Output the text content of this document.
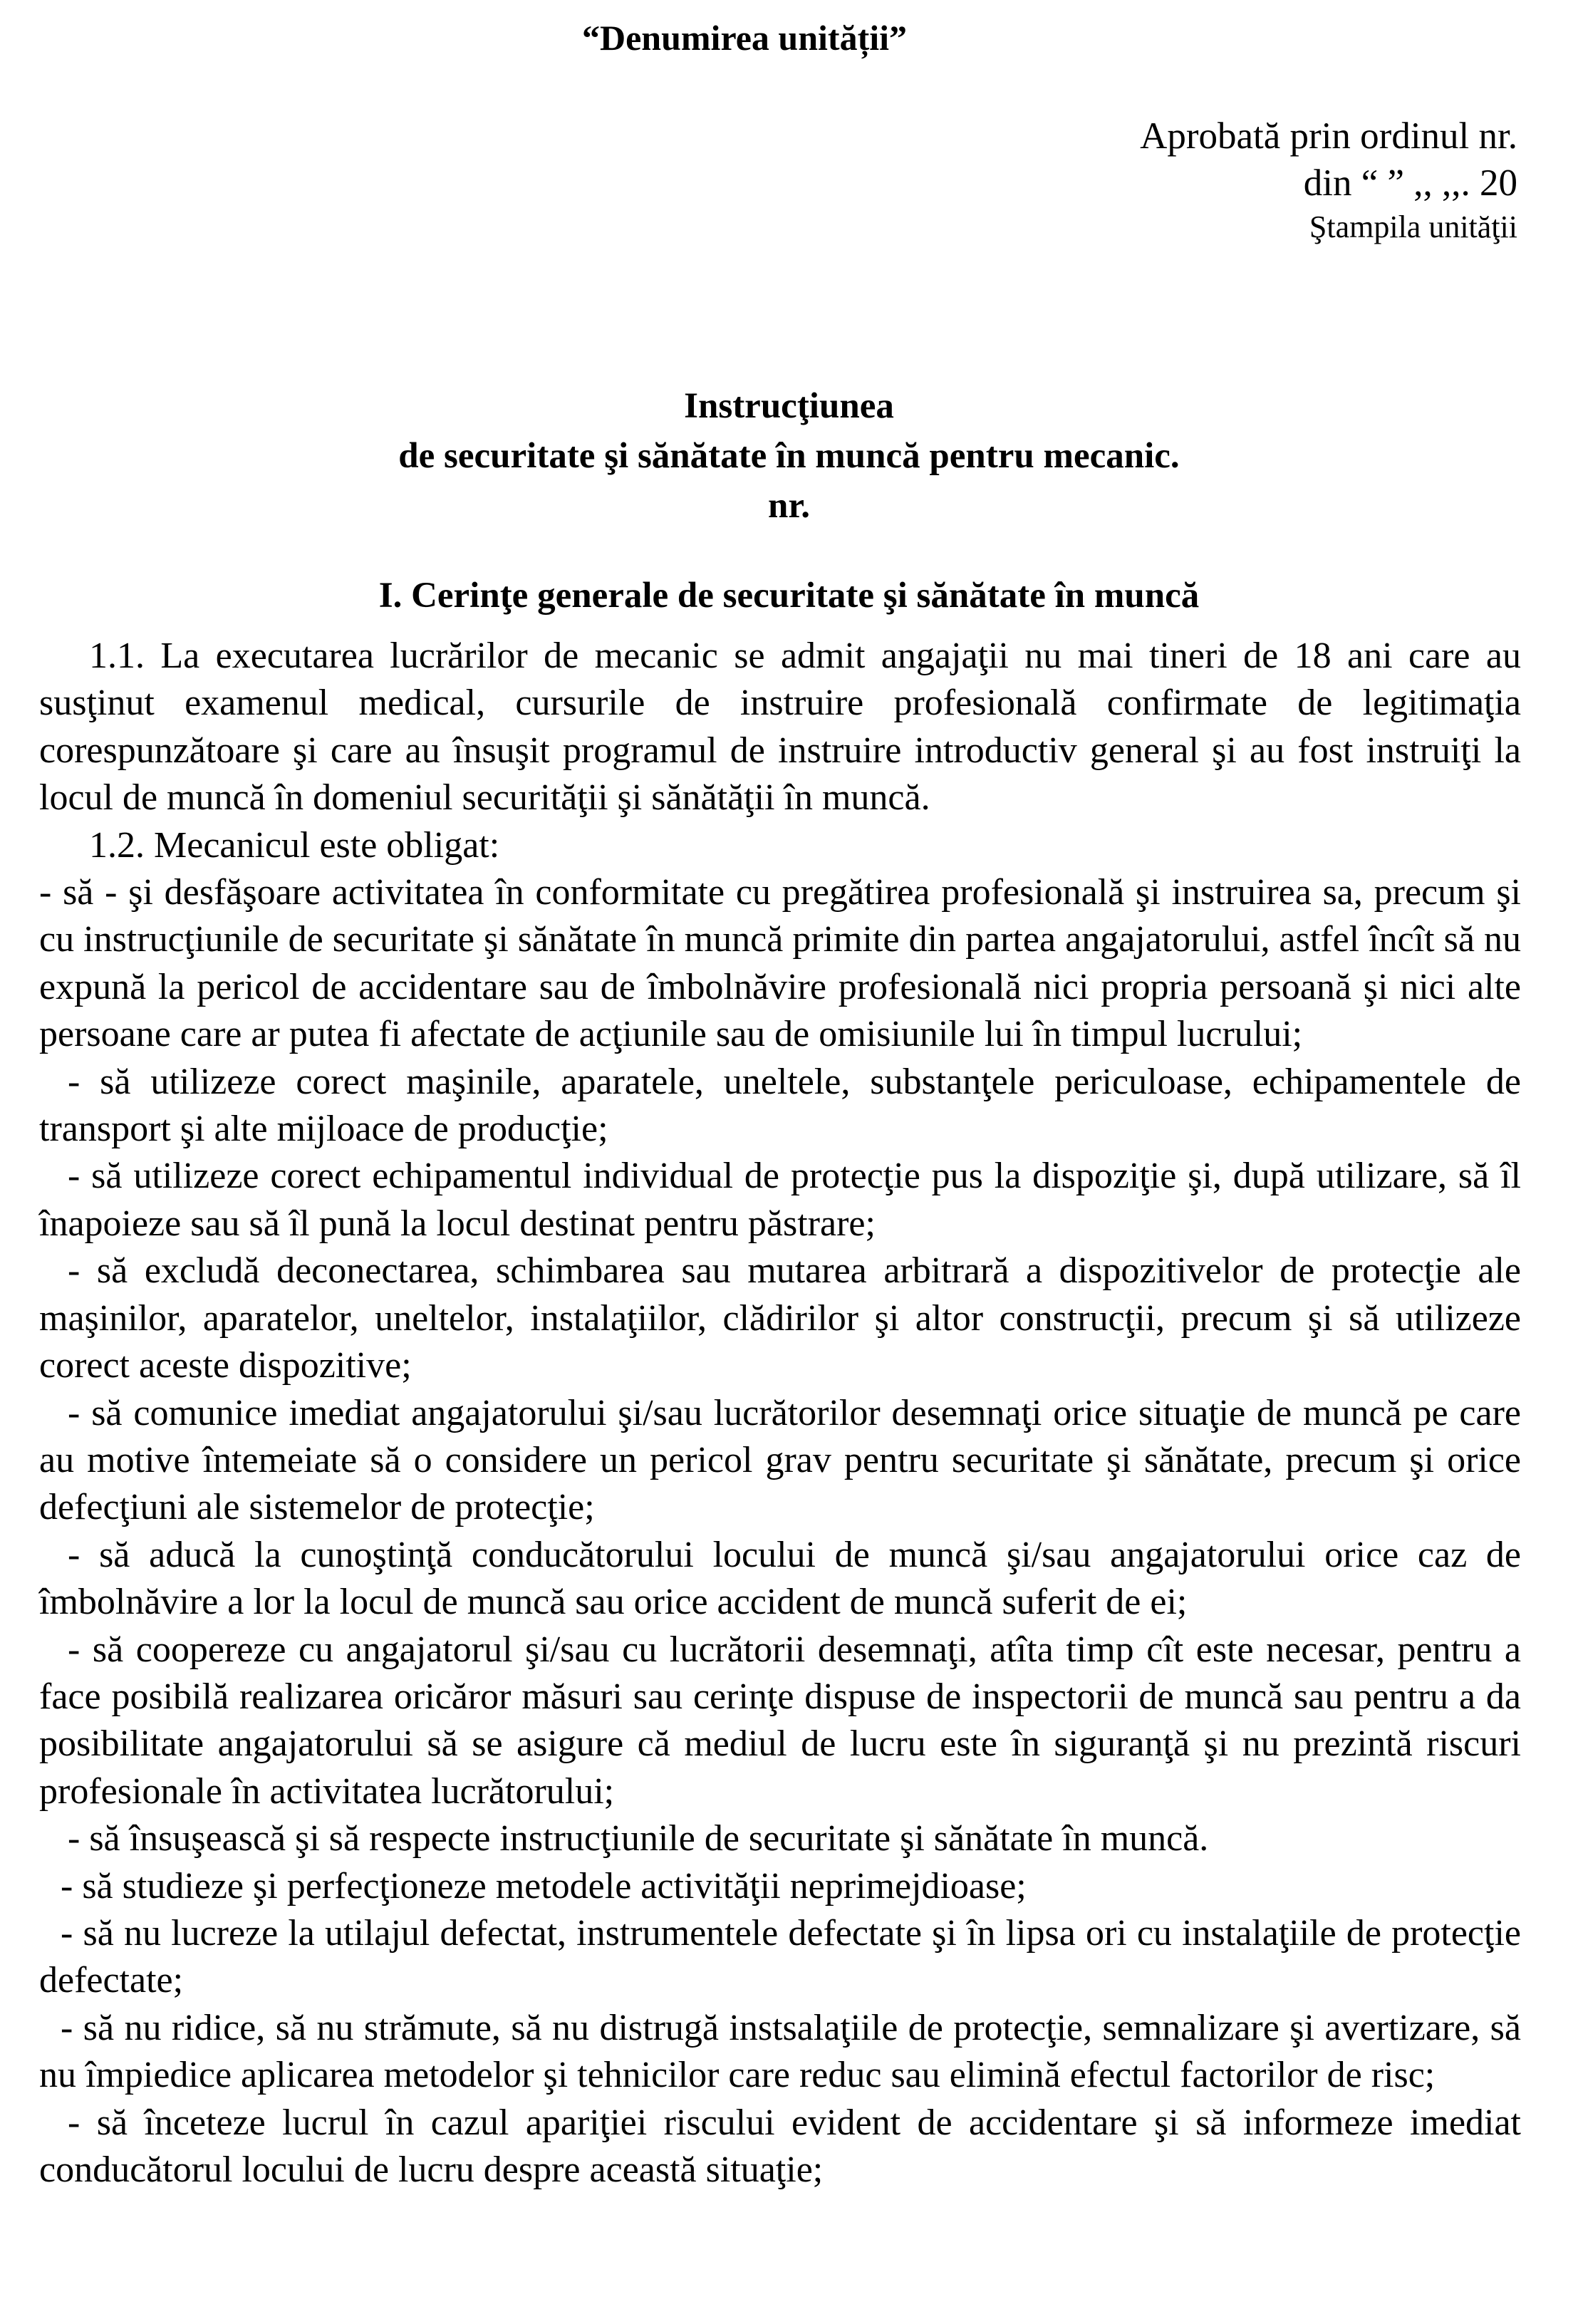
“Denumirea unității”
Aprobată prin ordinul nr.
din “ ” ,, ,,. 20
Ştampila unităţii
Instrucţiunea
de securitate şi sănătate în muncă pentru mecanic.
nr.
I. Cerinţe generale de securitate şi sănătate în muncă

1.1. La executarea lucrărilor de mecanic se admit angajaţii nu mai tineri de 18 ani care au susţinut examenul medical, cursurile de instruire profesională confirmate de legitimaţia corespunzătoare şi care au însuşit programul de instruire introductiv general şi au fost instruiţi la locul de muncă în domeniul securităţii şi sănătăţii în muncă.

1.2. Mecanicul este obligat:

- să - şi desfăşoare activitatea în conformitate cu pregătirea profesională şi instruirea sa, precum şi cu instrucţiunile de securitate şi sănătate în muncă primite din partea angajatorului, astfel încît să nu expună la pericol de accidentare sau de îmbolnăvire profesională nici propria persoană şi nici alte persoane care ar putea fi afectate de acţiunile sau de omisiunile lui în timpul lucrului;

- să utilizeze corect maşinile, aparatele, uneltele, substanţele periculoase, echipamentele de transport şi alte mijloace de producţie;

- să utilizeze corect echipamentul individual de protecţie pus la dispoziţie şi, după utilizare, să îl înapoieze sau să îl pună la locul destinat pentru păstrare;

- să excludă deconectarea, schimbarea sau mutarea arbitrară a dispozitivelor de protecţie ale maşinilor, aparatelor, uneltelor, instalaţiilor, clădirilor şi altor construcţii, precum şi să utilizeze corect aceste dispozitive;

- să comunice imediat angajatorului şi/sau lucrătorilor desemnaţi orice situaţie de muncă pe care au motive întemeiate să o considere un pericol grav pentru securitate şi sănătate, precum şi orice defecţiuni ale sistemelor de protecţie;

- să aducă la cunoştinţă conducătorului locului de muncă şi/sau angajatorului orice caz de îmbolnăvire a lor la locul de muncă sau orice accident de muncă suferit de ei;

- să coopereze cu angajatorul şi/sau cu lucrătorii desemnaţi, atîta timp cît este necesar, pentru a face posibilă realizarea oricăror măsuri sau cerinţe dispuse de inspectorii de muncă sau pentru a da posibilitate angajatorului să se asigure că mediul de lucru este în siguranţă şi nu prezintă riscuri profesionale în activitatea lucrătorului;

- să însuşească şi să respecte instrucţiunile de securitate şi sănătate în muncă.

- să studieze şi perfecţioneze metodele activităţii neprimejdioase;

- să nu lucreze la utilajul defectat, instrumentele defectate şi în lipsa ori cu instalaţiile de protecţie defectate;

- să nu ridice, să nu strămute, să nu distrugă instsalaţiile de protecţie, semnalizare şi avertizare, să nu împiedice aplicarea metodelor şi tehnicilor care reduc sau elimină efectul factorilor de risc;

- să înceteze lucrul în cazul apariţiei riscului evident de accidentare şi să informeze imediat conducătorul locului de lucru despre această situaţie;
